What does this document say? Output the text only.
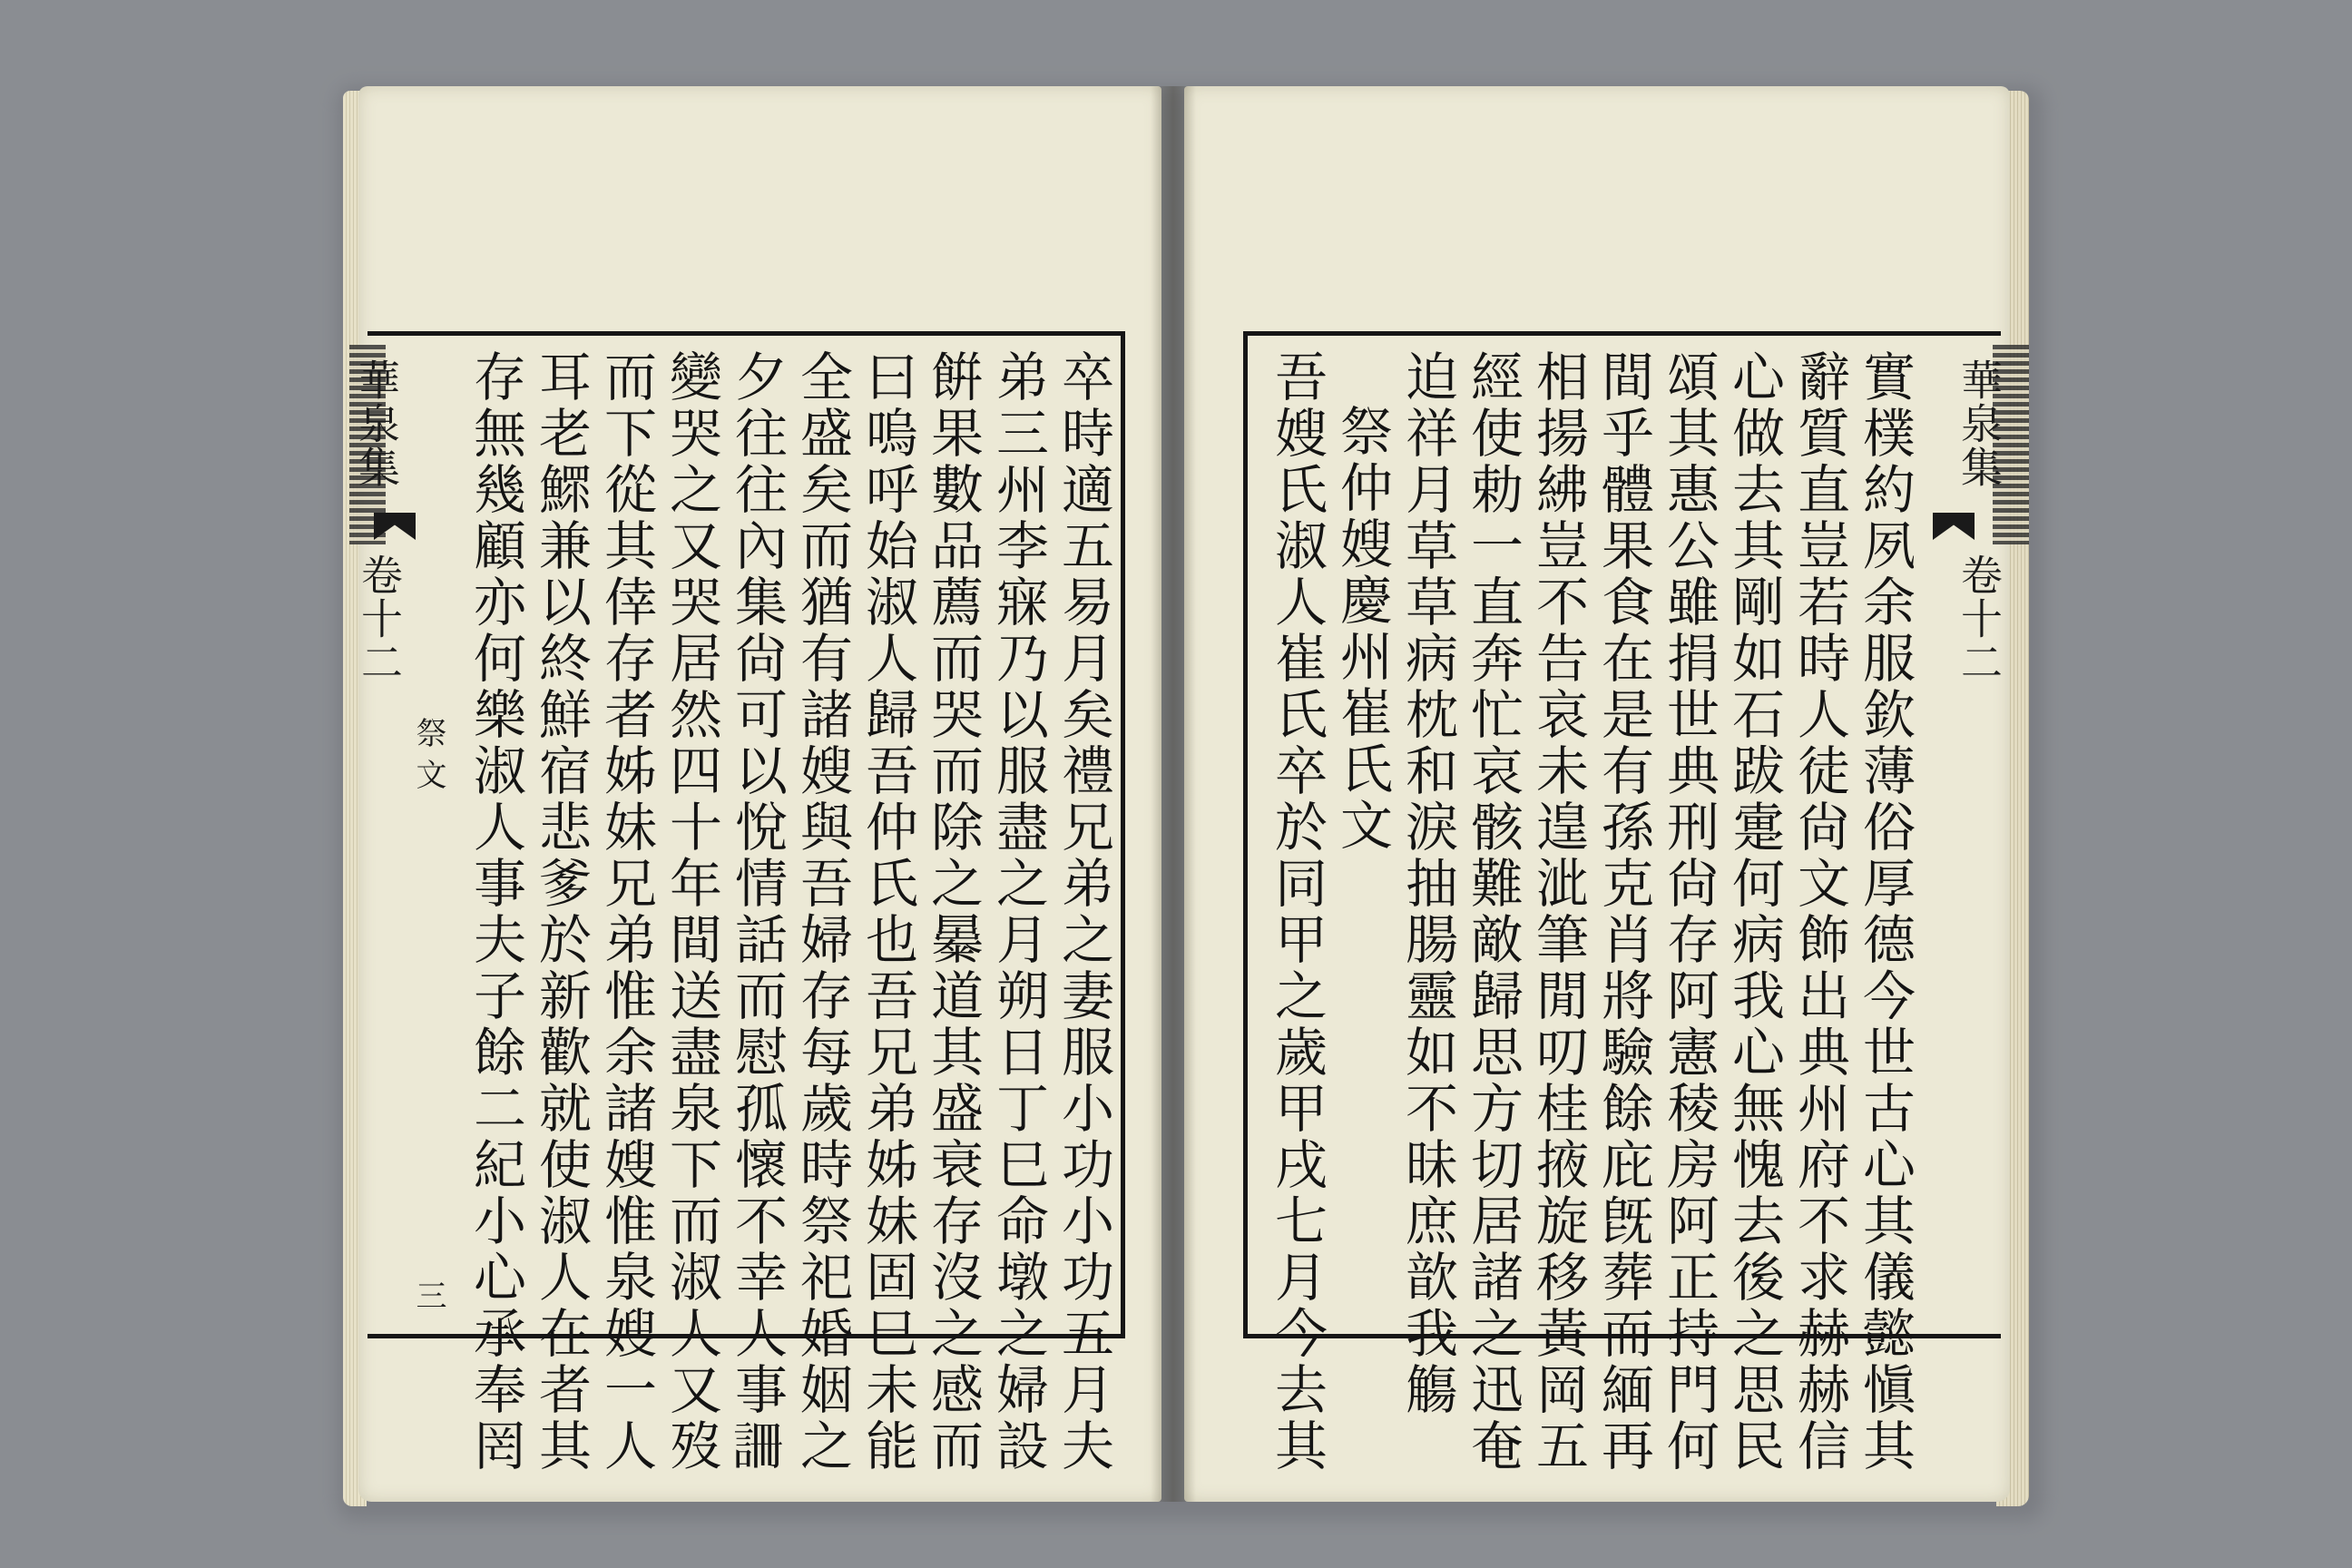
華泉集
卷十二
祭文
三	卒時適五易月矣禮兄弟之妻服小功小功五月夫
弟三州李㝥乃以服盡之月朔日丁巳命墩之婦設
餠果數品薦而哭而除之㬥道其盛衰存沒之感而
曰嗚呼始淑人歸吾仲氏也吾兄弟姊妹固巳未能
全盛矣而猶有諸嫂與吾婦存每歲時祭祀婚姻之
夕往往內集尙可以悅情話而慰孤懷不幸人事𧧚
變哭之又哭居然四十年間送盡泉下而淑人又歿
而下從其倖存者姊妹兄弟惟余諸嫂惟泉嫂一人
耳老鰥兼以終鮮宿悲爹於新歡就使淑人在者其
存無幾顧亦何樂淑人事夫子餘二紀小心承奉罔	華泉集
卷十二
實樸約夙余服欽薄俗厚德今世古心其儀懿愼其
辭質直豈若時人徒尙文飾出典州府不求赫赫信
心做去其剛如石跋疐何病我心無愧去後之思民
頌其惠公雖捐世典刑尙存阿憲稜房阿正持門何
間乎體果食在是有孫克肖將驗餘庇旣葬而緬再
相揚紼豈不告哀未遑泚筆閒叨桂掖旋移黃岡五
經使勅一直奔忙哀骸難敵歸思方切居諸之迅奄
迫祥月草草病枕和淚抽腸靈如不昧庶歆我觴
祭仲嫂慶州崔氏文
吾嫂氏淑人崔氏卒於同甲之歲甲戌七月今去其
